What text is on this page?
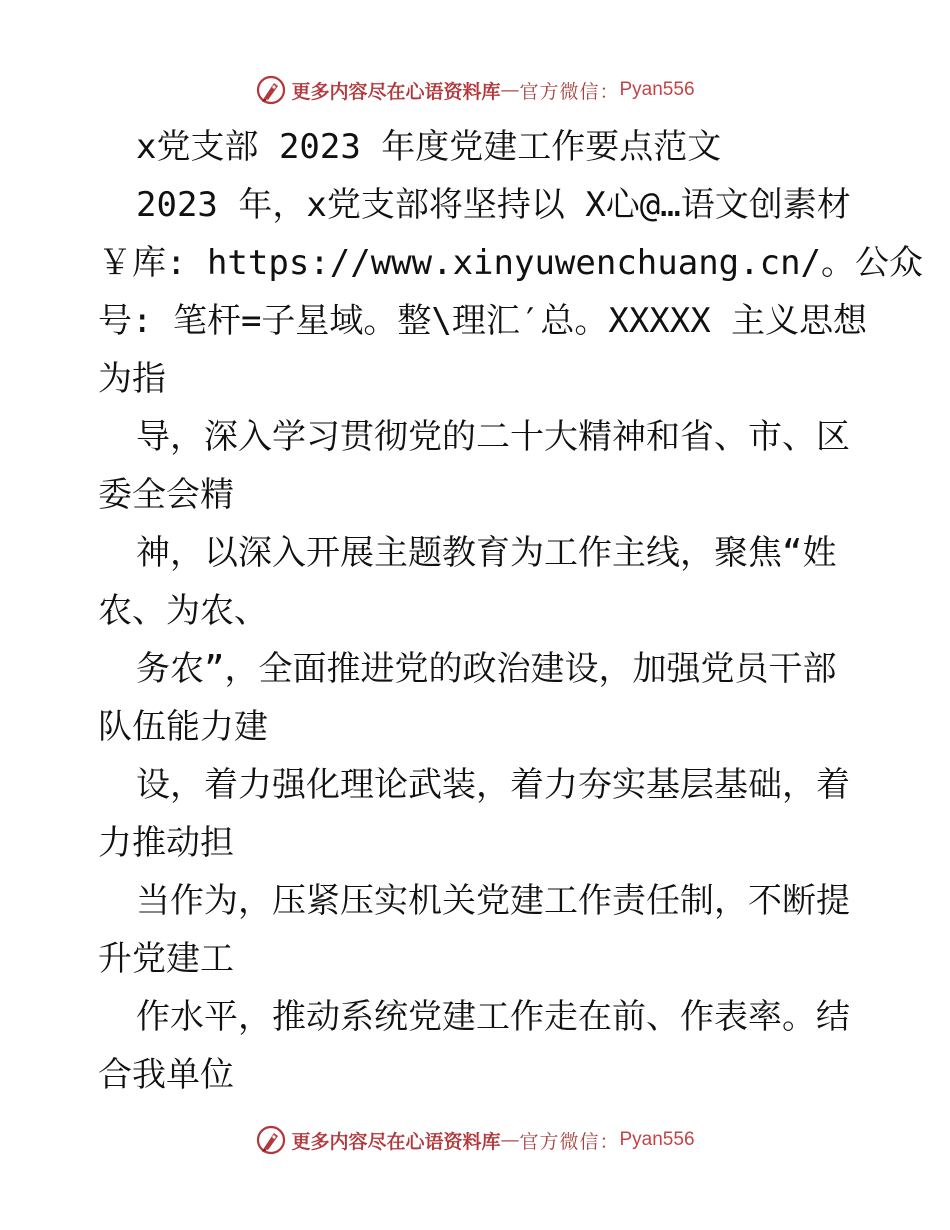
更多内容尽在心语资料库 — 官方微信： Pyan556
x党支部 2023 年度党建工作要点范文
2023 年，x党支部将坚持以 X心@…语文创素材
￥库: https://www.xinyuwenchuang.cn/。公众
号: 笔杆=子星域。整\理汇′总。XXXXX 主义思想
为指
导，深入学习贯彻党的二十大精神和省、市、区
委全会精
神，以深入开展主题教育为工作主线，聚焦“姓
农、为农、
务农”，全面推进党的政治建设，加强党员干部
队伍能力建
设，着力强化理论武装，着力夯实基层基础，着
力推动担
当作为，压紧压实机关党建工作责任制，不断提
升党建工
作水平，推动系统党建工作走在前、作表率。结
合我单位
更多内容尽在心语资料库 — 官方微信： Pyan556
